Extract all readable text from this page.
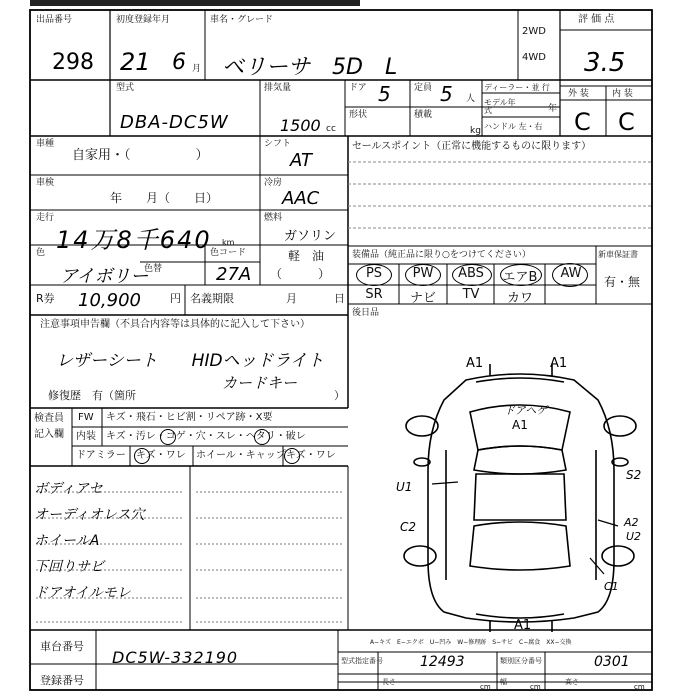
出品番号
298
初度登録年月
21 6 月
車名・グレード
ベリーサ　5D　L
2WD
4WD
評 価 点
3.5
外 装	内 装
C C
型式
DBA-DC5W
排気量
1500 cc
ドア 5	定員 5 人
形状	積載
kg
ディーラー・並 行
モデル年式	年
ハンドル 左・右
車種
自家用・（　　　　　）
シフト
AT
車検
年　　月（　　日）
冷房
AAC
走行
14万8千640 km
燃料
ガソリン
軽　油
（　　　）
色
アイボリー
色替
色コード
27A
R券 10,900	円 名義期限	月	日
セールスポイント（正常に機能するものに限ります）
装備品（純正品に限り○をつけてください）	新車保証書
有・無
PS	PW	ABS	エアB	AW
SR	ナビ	TV	カワ
後日品
注意事項申告欄（不具合内容等は具体的に記入して下さい）
レザーシート　　HIDヘッドライト
カードキー
修復歴　有（箇所	）
検査員
記入欄
FW キズ・飛石・ヒビ割・リペア跡・X要
内装 キズ・汚レ・コゲ・穴・スレ・ヘタリ・破レ
ドアミラー キズ・ワレ ホイール・キャップ キズ・ワレ
ボディアセ
オーディオレス穴
ホイールA
下回りサビ
ドアオイルモレ
A1	A1
ドアヘゲ
A1
U1
C2
S2
A2
U2
C1
A1
車台番号
DC5W-332190
登録番号
A−キズ　E−エクボ　U−凹み　W−修理跡　S−サビ　C−腐食　XX−交換
型式指定番号	12493	類別区分番号	0301
長さ
cm
幅
cm
高さ
cm
